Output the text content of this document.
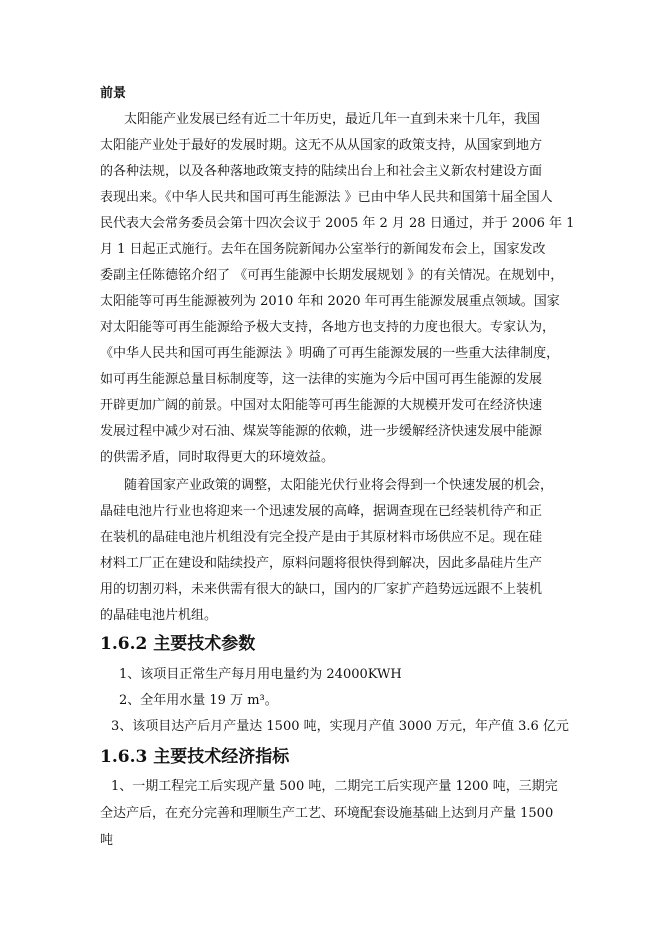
前景
太阳能产业发展已经有近二十年历史，最近几年一直到未来十几年，我国
太阳能产业处于最好的发展时期。这无不从从国家的政策支持，从国家到地方
的各种法规，以及各种落地政策支持的陆续出台上和社会主义新农村建设方面
表现出来。《中华人民共和国可再生能源法 》已由中华人民共和国第十届全国人
民代表大会常务委员会第十四次会议于 2005 年 2 月 28 日通过，并于 2006 年 1
月 1 日起正式施行。去年在国务院新闻办公室举行的新闻发布会上，国家发改
委副主任陈德铭介绍了 《可再生能源中长期发展规划 》的有关情况。在规划中，
太阳能等可再生能源被列为 2010 年和 2020 年可再生能源发展重点领域。国家
对太阳能等可再生能源给予极大支持，各地方也支持的力度也很大。专家认为，
《中华人民共和国可再生能源法 》明确了可再生能源发展的一些重大法律制度，
如可再生能源总量目标制度等，这一法律的实施为今后中国可再生能源的发展
开辟更加广阔的前景。中国对太阳能等可再生能源的大规模开发可在经济快速
发展过程中减少对石油、煤炭等能源的依赖，进一步缓解经济快速发展中能源
的供需矛盾，同时取得更大的环境效益。
随着国家产业政策的调整，太阳能光伏行业将会得到一个快速发展的机会，
晶硅电池片行业也将迎来一个迅速发展的高峰，据调查现在已经装机待产和正
在装机的晶硅电池片机组没有完全投产是由于其原材料市场供应不足。现在硅
材料工厂正在建设和陆续投产，原料问题将很快得到解决，因此多晶硅片生产
用的切割刃料，未来供需有很大的缺口，国内的厂家扩产趋势远远跟不上装机
的晶硅电池片机组。
1.6.2 主要技术参数
1、该项目正常生产每月用电量约为 24000KWH
2、全年用水量 19 万 m³。
3、该项目达产后月产量达 1500 吨，实现月产值 3000 万元，年产值 3.6 亿元
1.6.3 主要技术经济指标
1、一期工程完工后实现产量 500 吨，二期完工后实现产量 1200 吨，三期完
全达产后，在充分完善和理顺生产工艺、环境配套设施基础上达到月产量 1500
吨
